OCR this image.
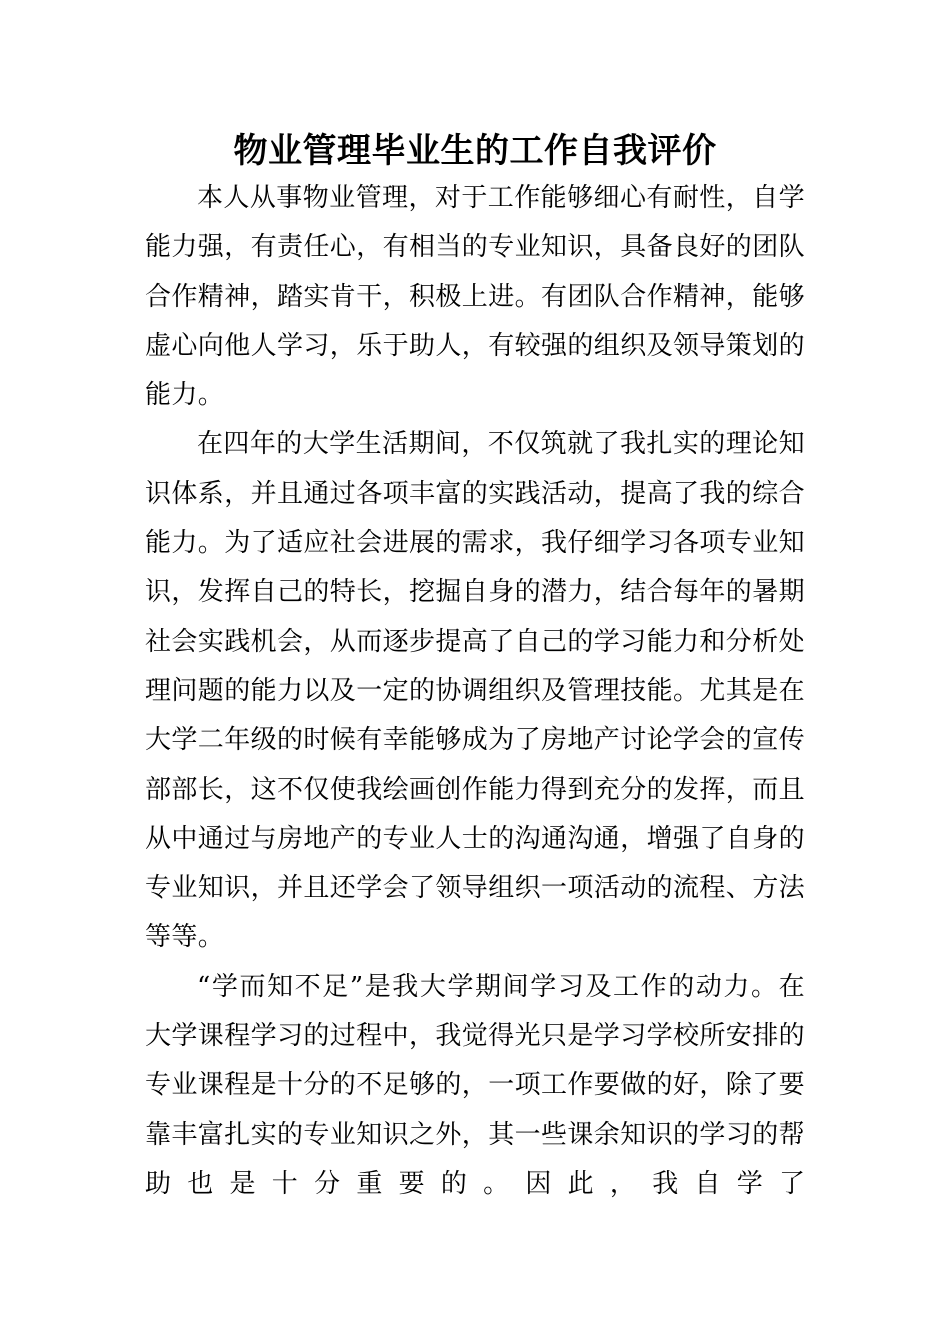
物业管理毕业生的工作自我评价

本人从事物业管理，对于工作能够细心有耐性，自学能力强，有责任心，有相当的专业知识，具备良好的团队合作精神，踏实肯干，积极上进。有团队合作精神，能够虚心向他人学习，乐于助人，有较强的组织及领导策划的能力。

在四年的大学生活期间，不仅筑就了我扎实的理论知识体系，并且通过各项丰富的实践活动，提高了我的综合能力。为了适应社会进展的需求，我仔细学习各项专业知识，发挥自己的特长，挖掘自身的潜力，结合每年的暑期社会实践机会，从而逐步提高了自己的学习能力和分析处理问题的能力以及一定的协调组织及管理技能。尤其是在大学二年级的时候有幸能够成为了房地产讨论学会的宣传部部长，这不仅使我绘画创作能力得到充分的发挥，而且从中通过与房地产的专业人士的沟通沟通，增强了自身的专业知识，并且还学会了领导组织一项活动的流程、方法等等。

“学而知不足”是我大学期间学习及工作的动力。在大学课程学习的过程中，我觉得光只是学习学校所安排的专业课程是十分的不足够的，一项工作要做的好，除了要靠丰富扎实的专业知识之外，其一些课余知识的学习的帮

助 也 是 十 分 重 要 的 。 因 此 ， 我 自 学 了
